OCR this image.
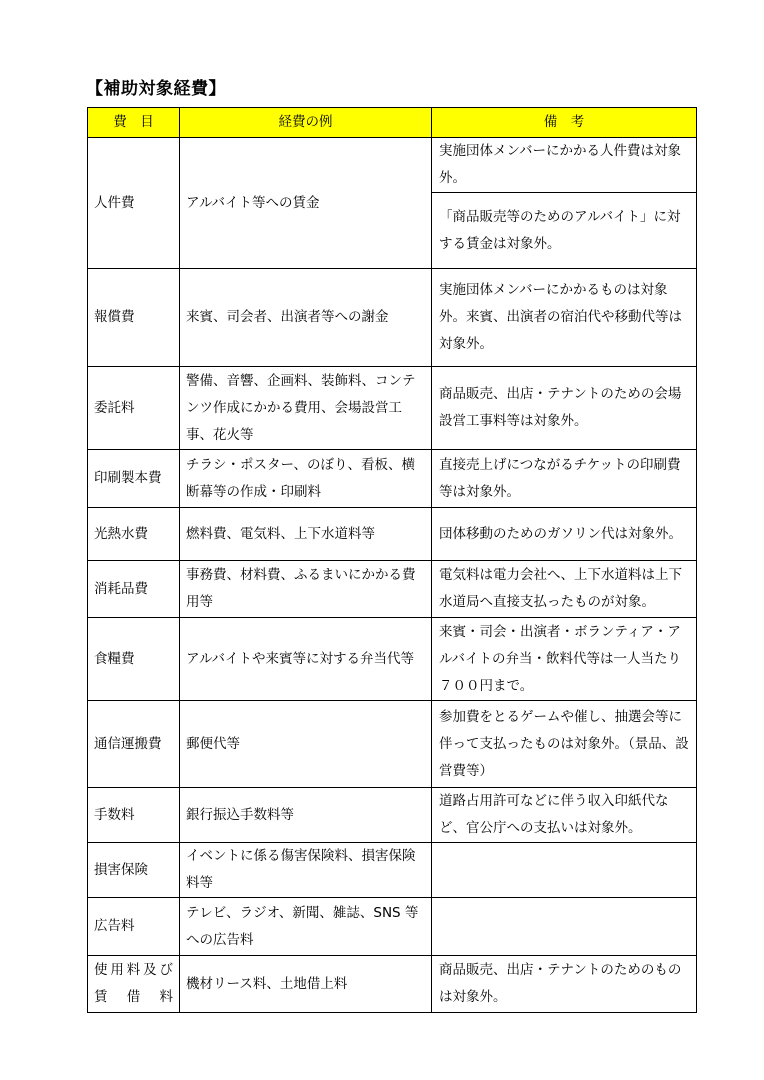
【補助対象経費】
費　目	経費の例	備　考
人件費	アルバイト等への賃金	実施団体メンバーにかかる人件費は対象外。
		「商品販売等のためのアルバイト」に対する賃金は対象外。
報償費	来賓、司会者、出演者等への謝金	実施団体メンバーにかかるものは対象外。来賓、出演者の宿泊代や移動代等は対象外。
委託料	警備、音響、企画料、装飾料、コンテンツ作成にかかる費用、会場設営工事、花火等	商品販売、出店・テナントのための会場設営工事料等は対象外。
印刷製本費	チラシ・ポスター、のぼり、看板、横断幕等の作成・印刷料	直接売上げにつながるチケットの印刷費等は対象外。
光熱水費	燃料費、電気料、上下水道料等	団体移動のためのガソリン代は対象外。
消耗品費	事務費、材料費、ふるまいにかかる費用等	電気料は電力会社へ、上下水道料は上下水道局へ直接支払ったものが対象。
食糧費	アルバイトや来賓等に対する弁当代等	来賓・司会・出演者・ボランティア・アルバイトの弁当・飲料代等は一人当たり７００円まで。
通信運搬費	郵便代等	参加費をとるゲームや催し、抽選会等に伴って支払ったものは対象外。（景品、設営費等）
手数料	銀行振込手数料等	道路占用許可などに伴う収入印紙代など、官公庁への支払いは対象外。
損害保険	イベントに係る傷害保険料、損害保険料等	
広告料	テレビ、ラジオ、新聞、雑誌、SNS 等への広告料	
使用料及び賃借料	機材リース料、土地借上料	商品販売、出店・テナントのためのものは対象外。
